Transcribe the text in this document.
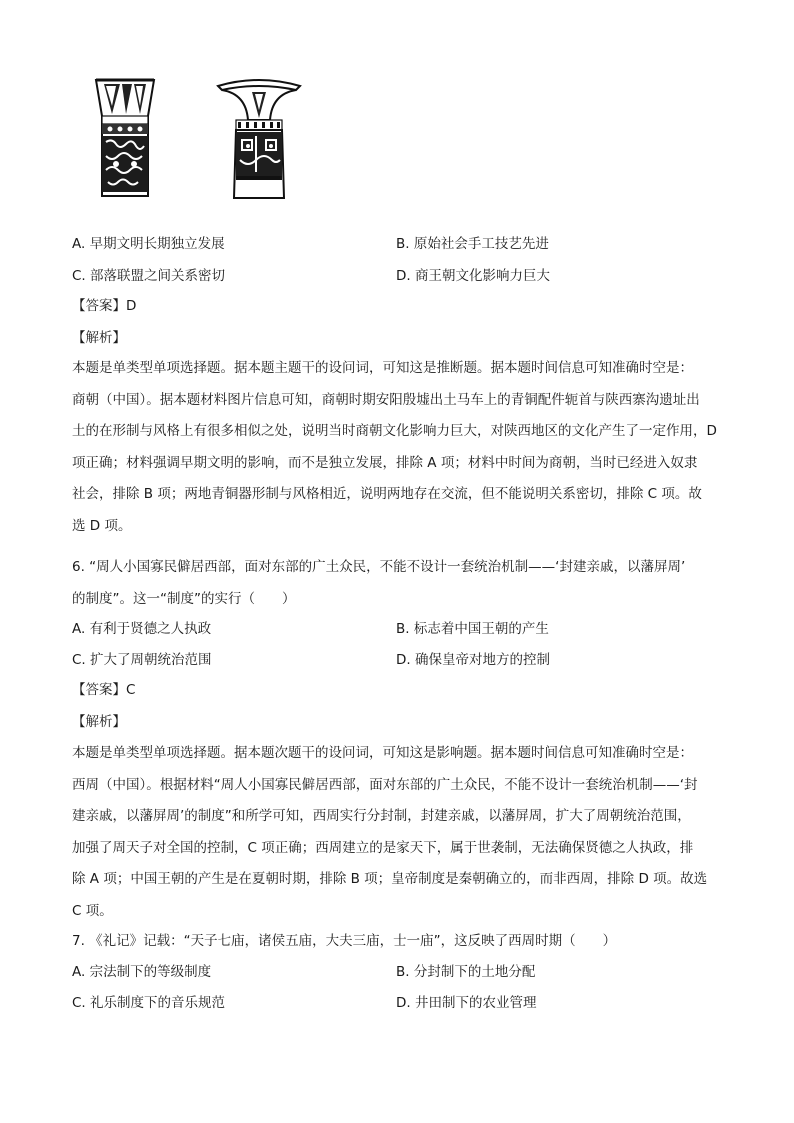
A. 早期文明长期独立发展	B. 原始社会手工技艺先进
C. 部落联盟之间关系密切	D. 商王朝文化影响力巨大
【答案】D
【解析】

本题是单类型单项选择题。据本题主题干的设问词，可知这是推断题。据本题时间信息可知准确时空是：

商朝（中国）。据本题材料图片信息可知，商朝时期安阳殷墟出土马车上的青铜配件轭首与陕西寨沟遗址出

土的在形制与风格上有很多相似之处，说明当时商朝文化影响力巨大，对陕西地区的文化产生了一定作用，D

项正确；材料强调早期文明的影响，而不是独立发展，排除 A 项；材料中时间为商朝，当时已经进入奴隶

社会，排除 B 项；两地青铜器形制与风格相近，说明两地存在交流，但不能说明关系密切，排除 C 项。故

选 D 项。

6. “周人小国寡民僻居西部，面对东部的广土众民，不能不设计一套统治机制——‘封建亲戚，以藩屏周’

的制度”。这一“制度”的实行（　　）

A. 有利于贤德之人执政	B. 标志着中国王朝的产生
C. 扩大了周朝统治范围	D. 确保皇帝对地方的控制
【答案】C
【解析】

本题是单类型单项选择题。据本题次题干的设问词，可知这是影响题。据本题时间信息可知准确时空是：

西周（中国）。根据材料“周人小国寡民僻居西部，面对东部的广土众民，不能不设计一套统治机制——‘封

建亲戚，以藩屏周’的制度”和所学可知，西周实行分封制，封建亲戚，以藩屏周，扩大了周朝统治范围，

加强了周天子对全国的控制，C 项正确；西周建立的是家天下，属于世袭制，无法确保贤德之人执政，排

除 A 项；中国王朝的产生是在夏朝时期，排除 B 项；皇帝制度是秦朝确立的，而非西周，排除 D 项。故选

C 项。

7. 《礼记》记载：“天子七庙，诸侯五庙，大夫三庙，士一庙”，这反映了西周时期（　　）
A. 宗法制下的等级制度	B. 分封制下的土地分配
C. 礼乐制度下的音乐规范	D. 井田制下的农业管理
